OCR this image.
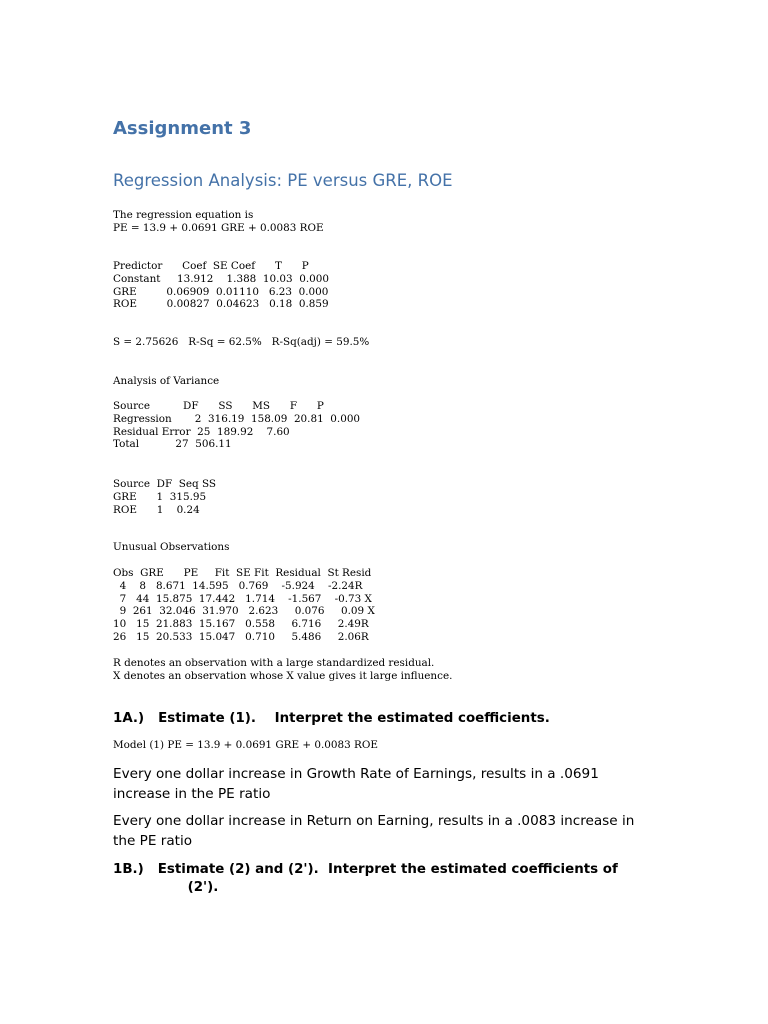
Assignment 3
Regression Analysis: PE versus GRE, ROE
The regression equation is
PE = 13.9 + 0.0691 GRE + 0.0083 ROE
Predictor      Coef  SE Coef      T      P
Constant     13.912    1.388  10.03  0.000
GRE         0.06909  0.01110   6.23  0.000
ROE         0.00827  0.04623   0.18  0.859
S = 2.75626   R-Sq = 62.5%   R-Sq(adj) = 59.5%
Analysis of Variance
Source          DF      SS      MS      F      P
Regression       2  316.19  158.09  20.81  0.000
Residual Error  25  189.92    7.60
Total           27  506.11
Source  DF  Seq SS
GRE      1  315.95
ROE      1    0.24
Unusual Observations
Obs  GRE      PE     Fit  SE Fit  Residual  St Resid
4    8   8.671  14.595   0.769    -5.924    -2.24R
7   44  15.875  17.442   1.714    -1.567    -0.73 X
9  261  32.046  31.970   2.623     0.076     0.09 X
10   15  21.883  15.167   0.558     6.716     2.49R
26   15  20.533  15.047   0.710     5.486     2.06R
R denotes an observation with a large standardized residual.
X denotes an observation whose X value gives it large influence.
1A.)   Estimate (1).    Interpret the estimated coefficients.
Model (1) PE = 13.9 + 0.0691 GRE + 0.0083 ROE

Every one dollar increase in Growth Rate of Earnings, results in a .0691 increase in the PE ratio

Every one dollar increase in Return on Earning, results in a .0083 increase in the PE ratio

1B.)   Estimate (2) and (2').  Interpret the estimated coefficients of
(2').
